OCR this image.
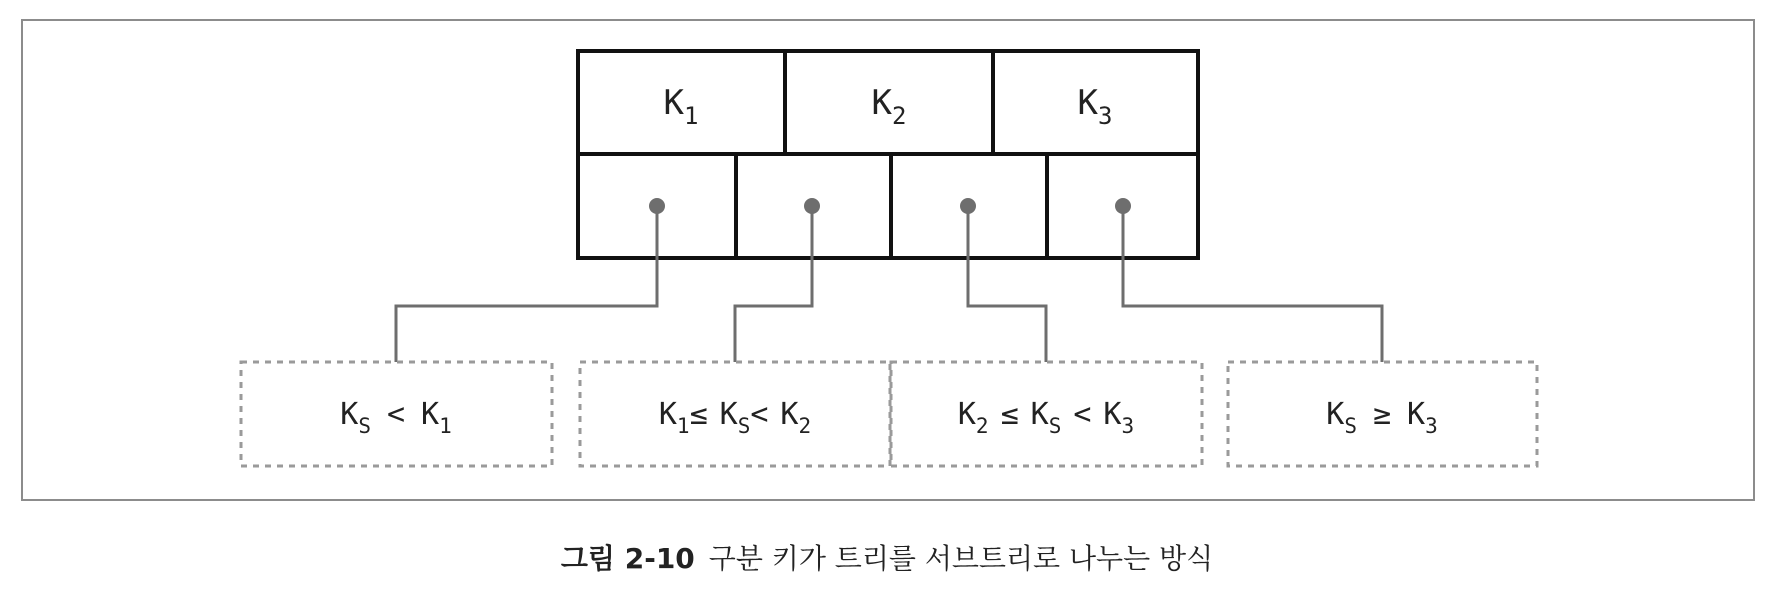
$K_1$	$K_2$	$K_3$
$K_S < K_1$	$K_1\le K_S< K_2$	$K_2 \le K_S < K_3$	$K_S \ge K_3$
그림 2-10 구분 키가 트리를 서브트리로 나누는 방식
